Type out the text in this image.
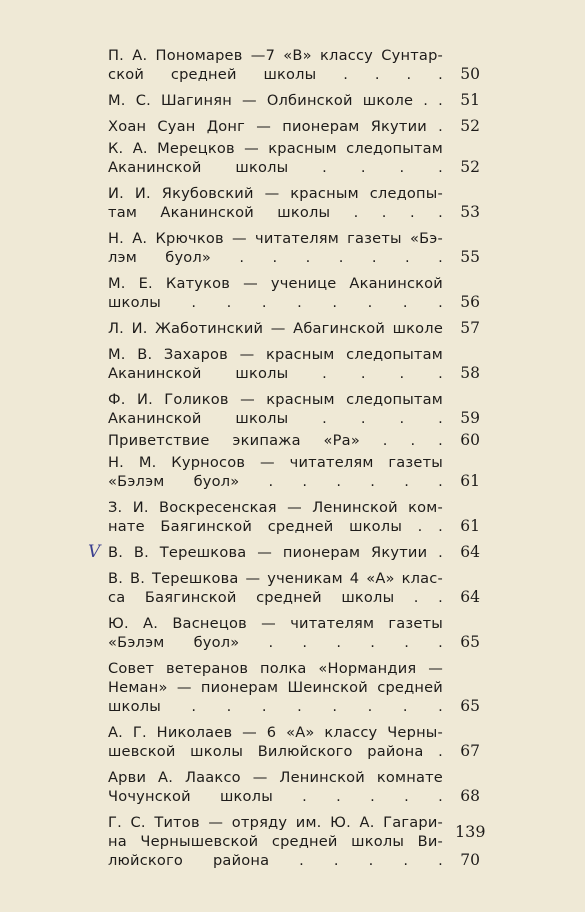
П. А. Пономарев —7 «В» классу Сунтар-
ской средней школы . . . .	50
М. С. Шагинян — Олбинской школе . .	51
Хоан Суан Донг — пионерам Якутии .	52
К. А. Мерецков — красным следопытам
Аканинской школы . . . .	52
И. И. Якубовский — красным следопы-
там Аканинской школы . . . .	53
Н. А. Крючков — читателям газеты «Бэ-
лэм буол» . . . . . . .	55
М. Е. Катуков — ученице Аканинской
школы . . . . . . . .	56
Л. И. Жаботинский — Абагинской школе	57
М. В. Захаров — красным следопытам
Аканинской школы . . . .	58
Ф. И. Голиков — красным следопытам
Аканинской школы . . . .	59
Приветствие экипажа «Ра» . . .	60
Н. М. Курносов — читателям газеты
«Бэлэм буол» . . . . . .	61
З. И. Воскресенская — Ленинской ком-
нате Баягинской средней школы . .	61
V В. В. Терешкова — пионерам Якутии .	64
В. В. Терешкова — ученикам 4 «А» клас-
са Баягинской средней школы . .	64
Ю. А. Васнецов — читателям газеты
«Бэлэм буол» . . . . . .	65
Совет ветеранов полка «Нормандия —
Неман» — пионерам Шеинской средней
школы . . . . . . . .	65
А. Г. Николаев — 6 «А» классу Черны-
шевской школы Вилюйского района .	67
Арви А. Лааксо — Ленинской комнате
Чочунской школы . . . . .	68
Г. С. Титов — отряду им. Ю. А. Гагари-
на Чернышевской средней школы Ви-
люйского района . . . . .	70
139
